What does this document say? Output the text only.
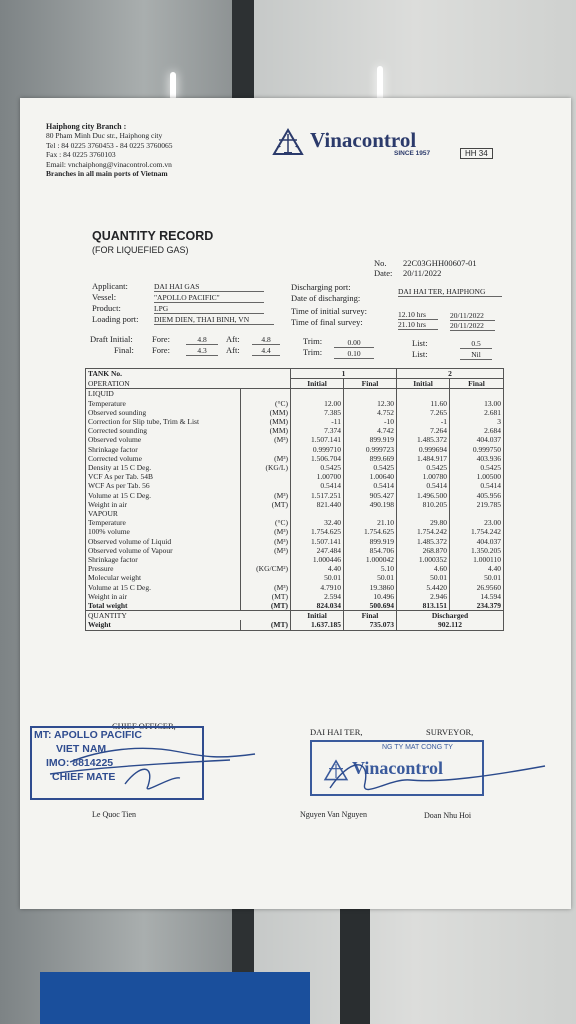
Haiphong city Branch :
80 Pham Minh Duc str., Haiphong city
Tel : 84 0225 3760453 - 84 0225 3760065
Fax : 84 0225 3760103
Email: vnchaiphong@vinacontrol.com.vn
Branches in all main ports of Vietnam
Vinacontrol
SINCE 1957	HH 34
QUANTITY RECORD
(FOR LIQUEFIED GAS)
No. 22C03GHH00607-01
Date: 20/11/2022
Applicant:	DAI HAI GAS
Vessel:	"APOLLO PACIFIC"
Product:	LPG
Loading port: DIEM DIEN, THAI BINH, VN
Discharging port:	DAI HAI TER, HAIPHONG
Date of discharging:
Time of initial survey:	12.10 hrs	20/11/2022
Time of final survey:	21.10 hrs	20/11/2022
Draft Initial: Fore:	4.8	Aft:	4.8	Trim:	0.00	List:	0.5
Final: Fore:	4.3	Aft:	4.4	Trim:	0.10	List:	Nil
TANK No.		1		2	
OPERATION		Initial	Final	Initial	Final
LIQUID					
Temperature	(°C)	12.00	12.30	11.60	13.00
Observed sounding	(MM)	7.385	4.752	7.265	2.681
Correction for Slip tube, Trim & List	(MM)	-11	-10	-1	3
Corrected sounding	(MM)	7.374	4.742	7.264	2.684
Observed volume	(M³)	1.507.141	899.919	1.485.372	404.037
Shrinkage factor		0.999710	0.999723	0.999694	0.999750
Corrected volume	(M³)	1.506.704	899.669	1.484.917	403.936
Density at 15 C Deg.	(KG/L)	0.5425	0.5425	0.5425	0.5425
VCF As per Tab. 54B		1.00700	1.00640	1.00780	1.00500
WCF As per Tab. 56		0.5414	0.5414	0.5414	0.5414
Volume at 15 C Deg.	(M³)	1.517.251	905.427	1.496.500	405.956
Weight in air	(MT)	821.440	490.198	810.205	219.785
VAPOUR					
Temperature	(°C)	32.40	21.10	29.80	23.00
100% volume	(M³)	1.754.625	1.754.625	1.754.242	1.754.242
Observed volume of Liquid	(M³)	1.507.141	899.919	1.485.372	404.037
Observed volume of Vapour	(M³)	247.484	854.706	268.870	1.350.205
Shrinkage factor		1.000446	1.000042	1.000352	1.000110
Pressure	(KG/CM²)	4.40	5.10	4.60	4.40
Molecular weight		50.01	50.01	50.01	50.01
Volume at 15 C Deg.	(M³)	4.7910	19.3860	5.4420	26.9560
Weight in air	(MT)	2.594	10.496	2.946	14.594
Total weight	(MT)	824.034	500.694	813.151	234.379
QUANTITY		Initial	Final	Discharged	
Weight	(MT)	1.637.185	735.073	902.112	
CHIEF OFFICER,
DAI HAI TER,	SURVEYOR,
MT: APOLLO PACIFIC
VIET NAM
IMO: 8814225
CHIEF MATE
NG TY MAT CONG TY
Vinacontrol
Le Quoc Tien	Nguyen Van Nguyen	Doan Nhu Hoi
